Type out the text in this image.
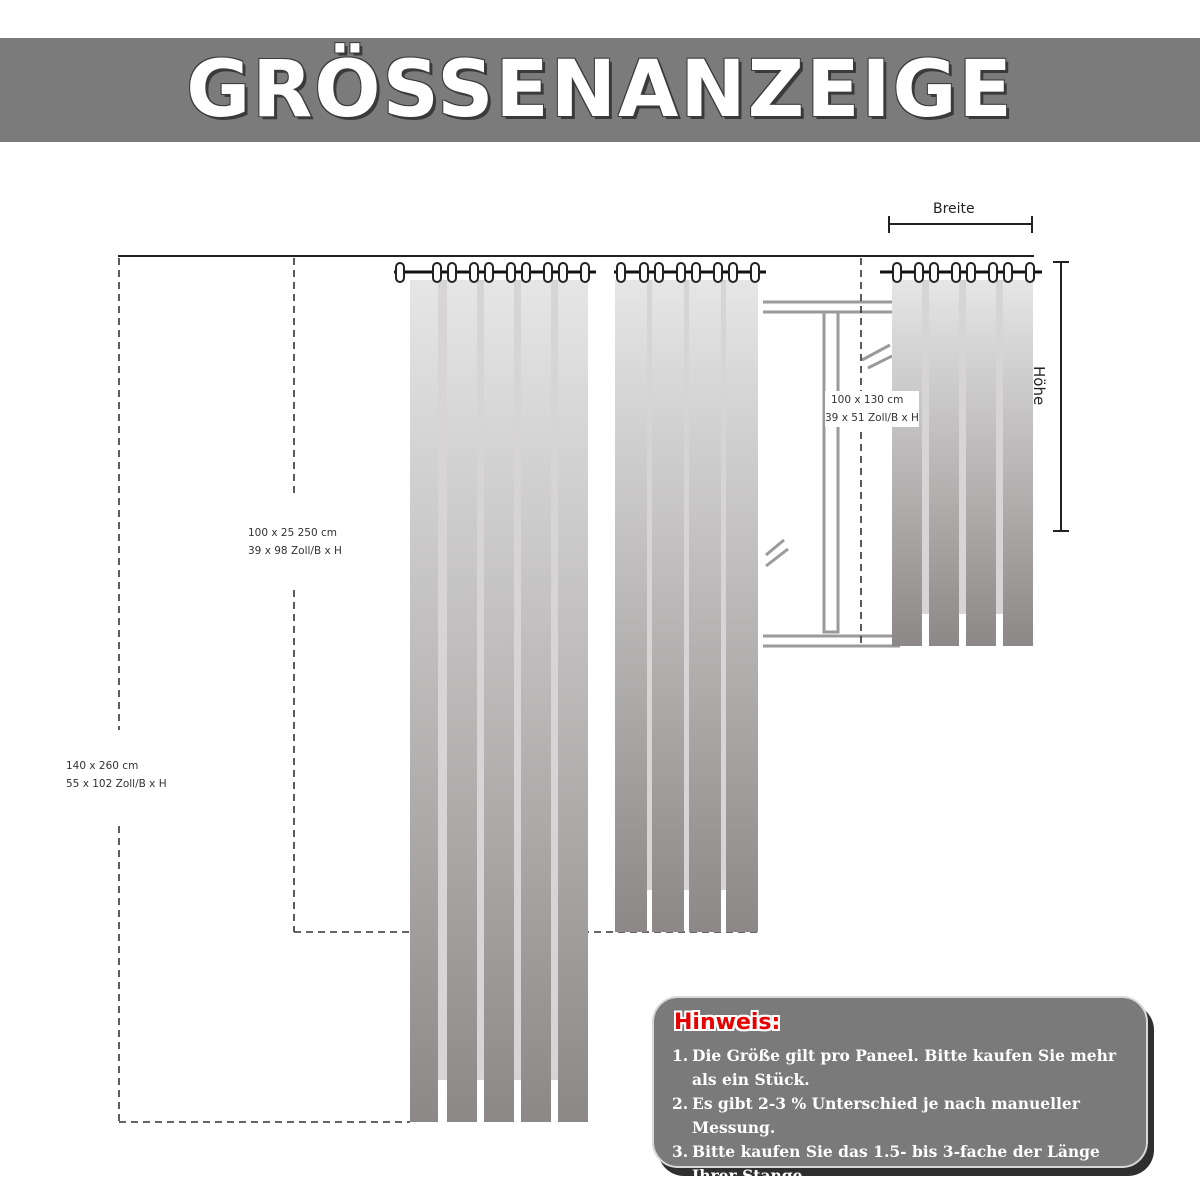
GRÖSSENANZEIGE
Breite
Höhe
140 x 260 cm
55 x 102 Zoll/B x H
100 x 25 250 cm
39 x 98 Zoll/B x H
100 x 130 cm
39 x 51 Zoll/B x H
Hinweis:
1. Die Größe gilt pro Paneel. Bitte kaufen Sie mehr als ein Stück.
2. Es gibt 2-3 % Unterschied je nach manueller Messung.
3. Bitte kaufen Sie das 1.5- bis 3-fache der Länge Ihrer Stange.
